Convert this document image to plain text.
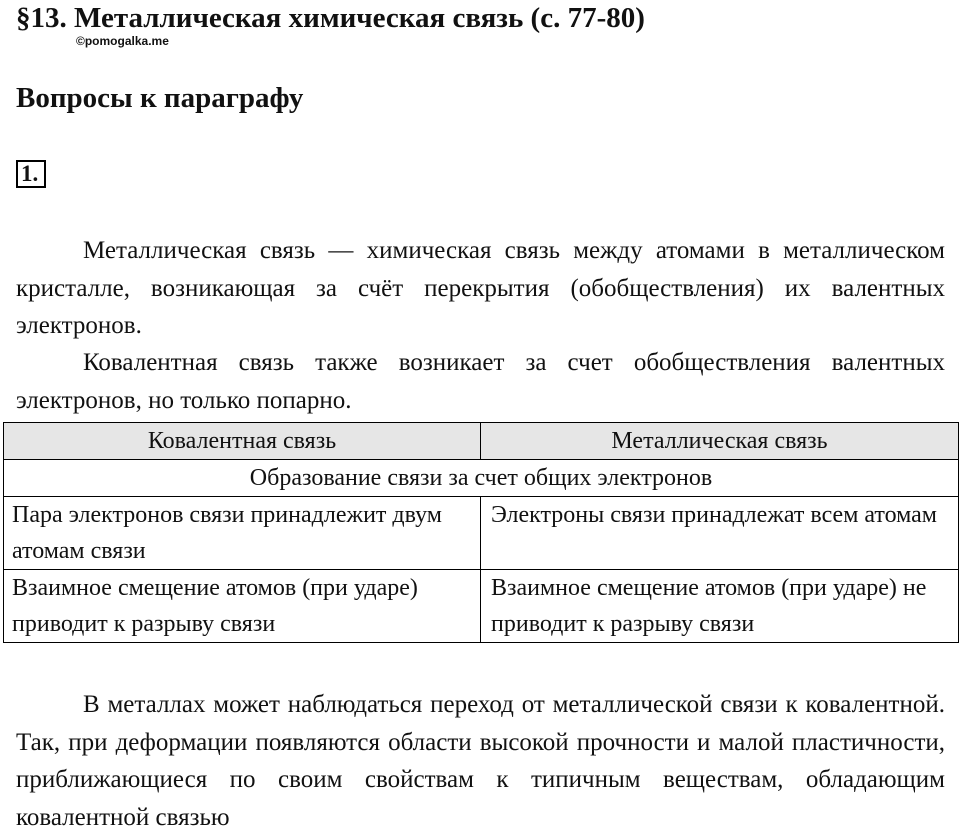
§13. Металлическая химическая связь (с. 77-80)
©pomogalka.me
Вопросы к параграфу
1.

Металлическая связь — химическая связь между атомами в металлическом кристалле, возникающая за счёт перекрытия (обобществления) их валентных электронов.

Ковалентная связь также возникает за счет обобществления валентных электронов, но только попарно.

Ковалентная связь	Металлическая связь
Образование связи за счет общих электронов	
Пара электронов связи принадлежит двум атомам связи	Электроны связи принадлежат всем атомам
Взаимное смещение атомов (при ударе) приводит к разрыву связи	Взаимное смещение атомов (при ударе) не приводит к разрыву связи

В металлах может наблюдаться переход от металлической связи к ковалентной. Так, при деформации появляются области высокой прочности и малой пластичности, приближающиеся по своим свойствам к типичным веществам, обладающим ковалентной связью
